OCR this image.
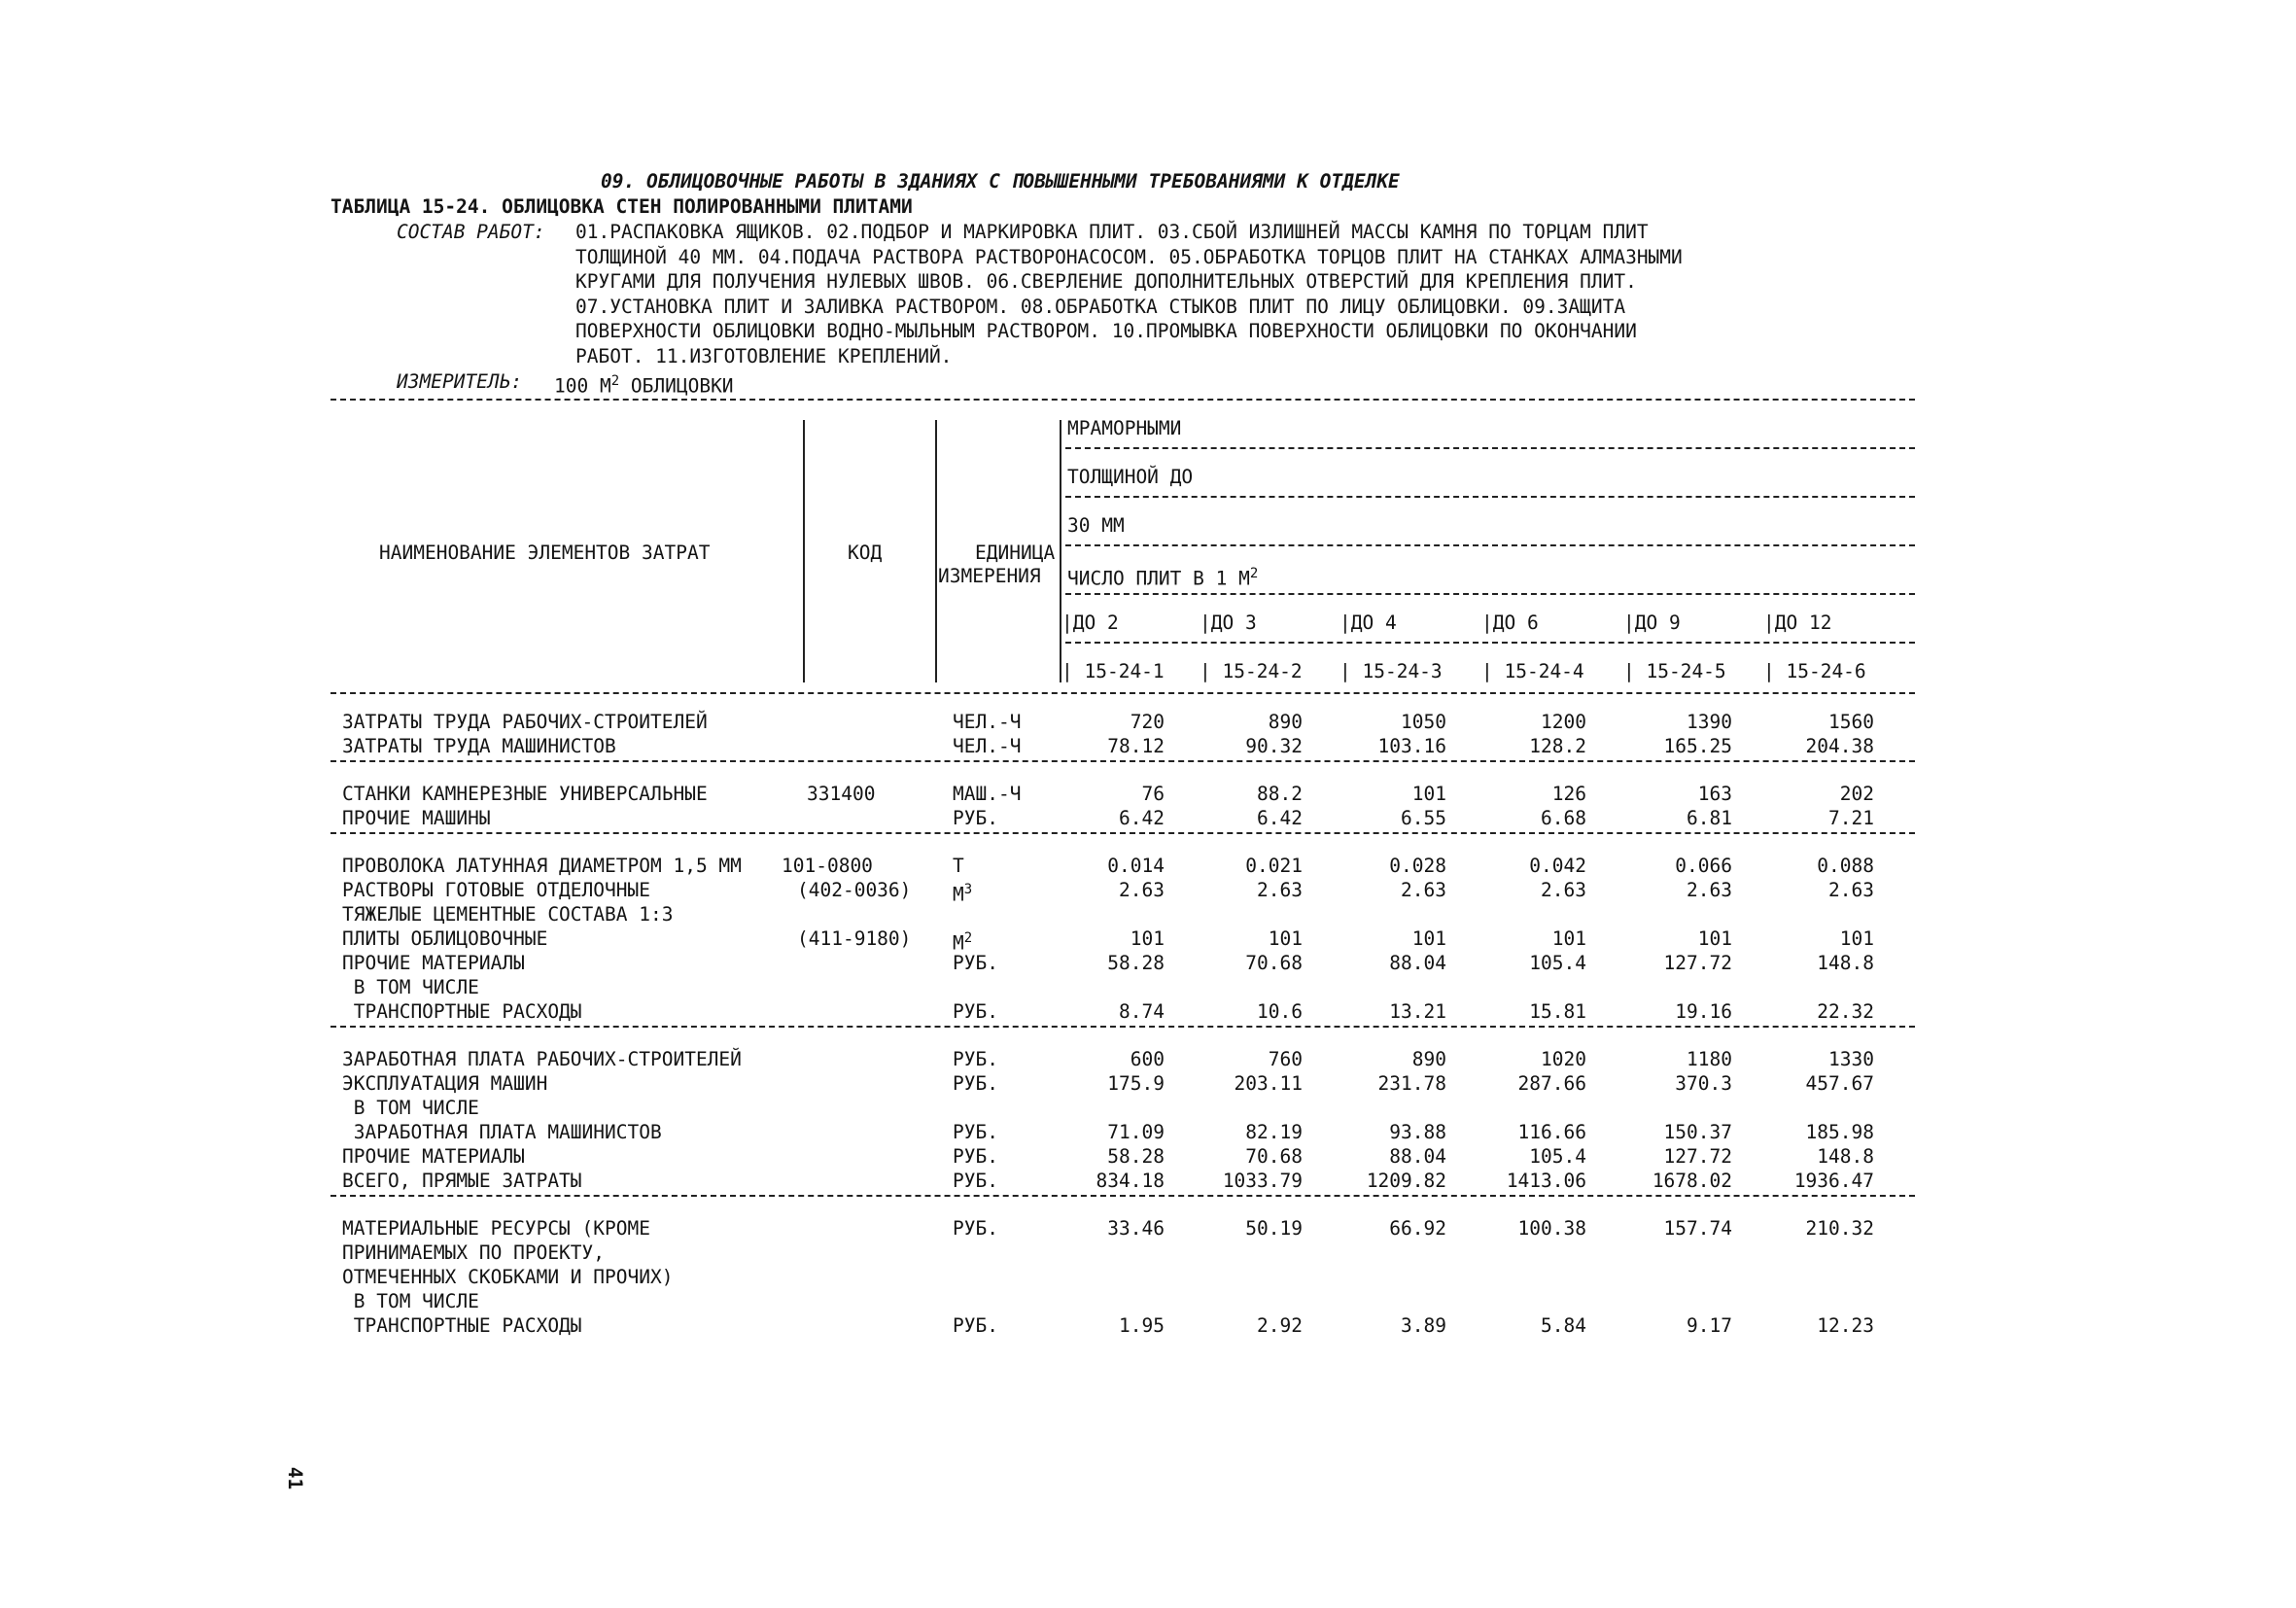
09. ОБЛИЦОВОЧНЫЕ РАБОТЫ В ЗДАНИЯХ С ПОВЫШЕННЫМИ ТРЕБОВАНИЯМИ К ОТДЕЛКЕ
ТАБЛИЦА 15-24. ОБЛИЦОВКА СТЕН ПОЛИРОВАННЫМИ ПЛИТАМИ
СОСТАВ РАБОТ: 01.РАСПАКОВКА ЯЩИКОВ. 02.ПОДБОР И МАРКИРОВКА ПЛИТ. 03.СБОЙ ИЗЛИШНЕЙ МАССЫ КАМНЯ ПО ТОРЦАМ ПЛИТ
ТОЛЩИНОЙ 40 ММ. 04.ПОДАЧА РАСТВОРА РАСТВОРОНАСОСОМ. 05.ОБРАБОТКА ТОРЦОВ ПЛИТ НА СТАНКАХ АЛМАЗНЫМИ
КРУГАМИ ДЛЯ ПОЛУЧЕНИЯ НУЛЕВЫХ ШВОВ. 06.СВЕРЛЕНИЕ ДОПОЛНИТЕЛЬНЫХ ОТВЕРСТИЙ ДЛЯ КРЕПЛЕНИЯ ПЛИТ.
07.УСТАНОВКА ПЛИТ И ЗАЛИВКА РАСТВОРОМ. 08.ОБРАБОТКА СТЫКОВ ПЛИТ ПО ЛИЦУ ОБЛИЦОВКИ. 09.ЗАЩИТА
ПОВЕРХНОСТИ ОБЛИЦОВКИ ВОДНО-МЫЛЬНЫМ РАСТВОРОМ. 10.ПРОМЫВКА ПОВЕРХНОСТИ ОБЛИЦОВКИ ПО ОКОНЧАНИИ
РАБОТ. 11.ИЗГОТОВЛЕНИЕ КРЕПЛЕНИЙ.
ИЗМЕРИТЕЛЬ: 100 $М^2$ ОБЛИЦОВКИ
НАИМЕНОВАНИЕ ЭЛЕМЕНТОВ ЗАТРАТ	КОД	ЕДИНИЦА
ИЗМЕРЕНИЯ
МРАМОРНЫМИ
ТОЛЩИНОЙ ДО
30 ММ
ЧИСЛО ПЛИТ В 1 $М^2$
|ДО 2	|ДО 3	|ДО 4	|ДО 6	|ДО 9	|ДО 12
| 15-24-1 | 15-24-2 | 15-24-3 | 15-24-4 | 15-24-5 | 15-24-6
ЗАТРАТЫ ТРУДА РАБОЧИХ-СТРОИТЕЛЕЙ	ЧЕЛ.-Ч	720	890	1050	1200	1390	1560
ЗАТРАТЫ ТРУДА МАШИНИСТОВ	ЧЕЛ.-Ч	78.12	90.32	103.16	128.2	165.25	204.38
СТАНКИ КАМНЕРЕЗНЫЕ УНИВЕРСАЛЬНЫЕ	331400	МАШ.-Ч	76	88.2	101	126	163	202
ПРОЧИЕ МАШИНЫ	РУБ.	6.42	6.42	6.55	6.68	6.81	7.21
ПРОВОЛОКА ЛАТУННАЯ ДИАМЕТРОМ 1,5 ММ 101-0800	Т	0.014	0.021	0.028	0.042	0.066	0.088
РАСТВОРЫ ГОТОВЫЕ ОТДЕЛОЧНЫЕ	(402-0036) $М^3$	2.63	2.63	2.63	2.63	2.63	2.63
ТЯЖЕЛЫЕ ЦЕМЕНТНЫЕ СОСТАВА 1:3
ПЛИТЫ ОБЛИЦОВОЧНЫЕ	(411-9180) $М^2$	101	101	101	101	101	101
ПРОЧИЕ МАТЕРИАЛЫ	РУБ.	58.28	70.68	88.04	105.4	127.72	148.8
В ТОМ ЧИСЛЕ
ТРАНСПОРТНЫЕ РАСХОДЫ	РУБ.	8.74	10.6	13.21	15.81	19.16	22.32
ЗАРАБОТНАЯ ПЛАТА РАБОЧИХ-СТРОИТЕЛЕЙ	РУБ.	600	760	890	1020	1180	1330
ЭКСПЛУАТАЦИЯ МАШИН	РУБ.	175.9	203.11	231.78	287.66	370.3	457.67
В ТОМ ЧИСЛЕ
ЗАРАБОТНАЯ ПЛАТА МАШИНИСТОВ	РУБ.	71.09	82.19	93.88	116.66	150.37	185.98
ПРОЧИЕ МАТЕРИАЛЫ	РУБ.	58.28	70.68	88.04	105.4	127.72	148.8
ВСЕГО, ПРЯМЫЕ ЗАТРАТЫ	РУБ.	834.18	1033.79	1209.82	1413.06	1678.02	1936.47
МАТЕРИАЛЬНЫЕ РЕСУРСЫ (КРОМЕ	РУБ.	33.46	50.19	66.92	100.38	157.74	210.32
ПРИНИМАЕМЫХ ПО ПРОЕКТУ,
ОТМЕЧЕННЫХ СКОБКАМИ И ПРОЧИХ)
В ТОМ ЧИСЛЕ
ТРАНСПОРТНЫЕ РАСХОДЫ	РУБ.	1.95	2.92	3.89	5.84	9.17	12.23
41
